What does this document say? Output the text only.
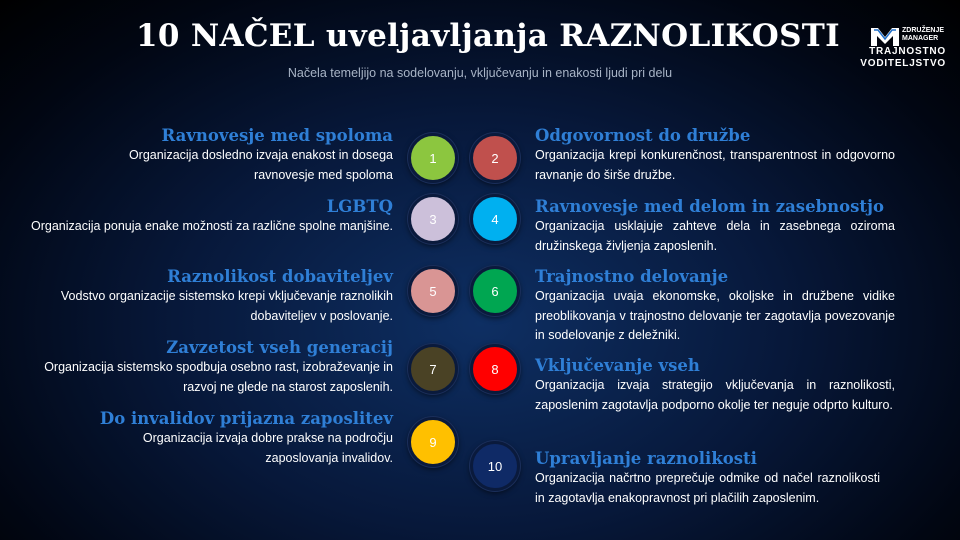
10 NAČEL uveljavljanja RAZNOLIKOSTI
Načela temeljijo na sodelovanju, vključevanju in enakosti ljudi pri delu
ZDRUŽENJE
MANAGER
TRAJNOSTNO
VODITELJSTVO
Ravnovesje med spoloma

Organizacija dosledno izvaja enakost in dosega ravnovesje med spoloma

LGBTQ

Organizacija ponuja enake možnosti za različne spolne manjšine.

Raznolikost dobaviteljev

Vodstvo organizacije sistemsko krepi vključevanje raznolikih dobaviteljev v poslovanje.

Zavzetost vseh generacij

Organizacija sistemsko spodbuja osebno rast, izobraževanje in razvoj ne glede na starost zaposlenih.

Do invalidov prijazna zaposlitev

Organizacija izvaja dobre prakse na področju zaposlovanja invalidov.

Odgovornost do družbe

Organizacija krepi konkurenčnost, transparentnost in odgovorno ravnanje do širše družbe.

Ravnovesje med delom in zasebnostjo

Organizacija usklajuje zahteve dela in zasebnega oziroma družinskega življenja zaposlenih.

Trajnostno delovanje

Organizacija uvaja ekonomske, okoljske in družbene vidike preoblikovanja v trajnostno delovanje ter zagotavlja povezovanje in sodelovanje z deležniki.

Vključevanje vseh

Organizacija izvaja strategijo vključevanja in raznolikosti, zaposlenim zagotavlja podporno okolje ter neguje odprto kulturo.

Upravljanje raznolikosti

Organizacija načrtno preprečuje odmike od načel raznolikosti in zagotavlja enakopravnost pri plačilih zaposlenim.

1	2
3	4
5	6
7	8
9
10
